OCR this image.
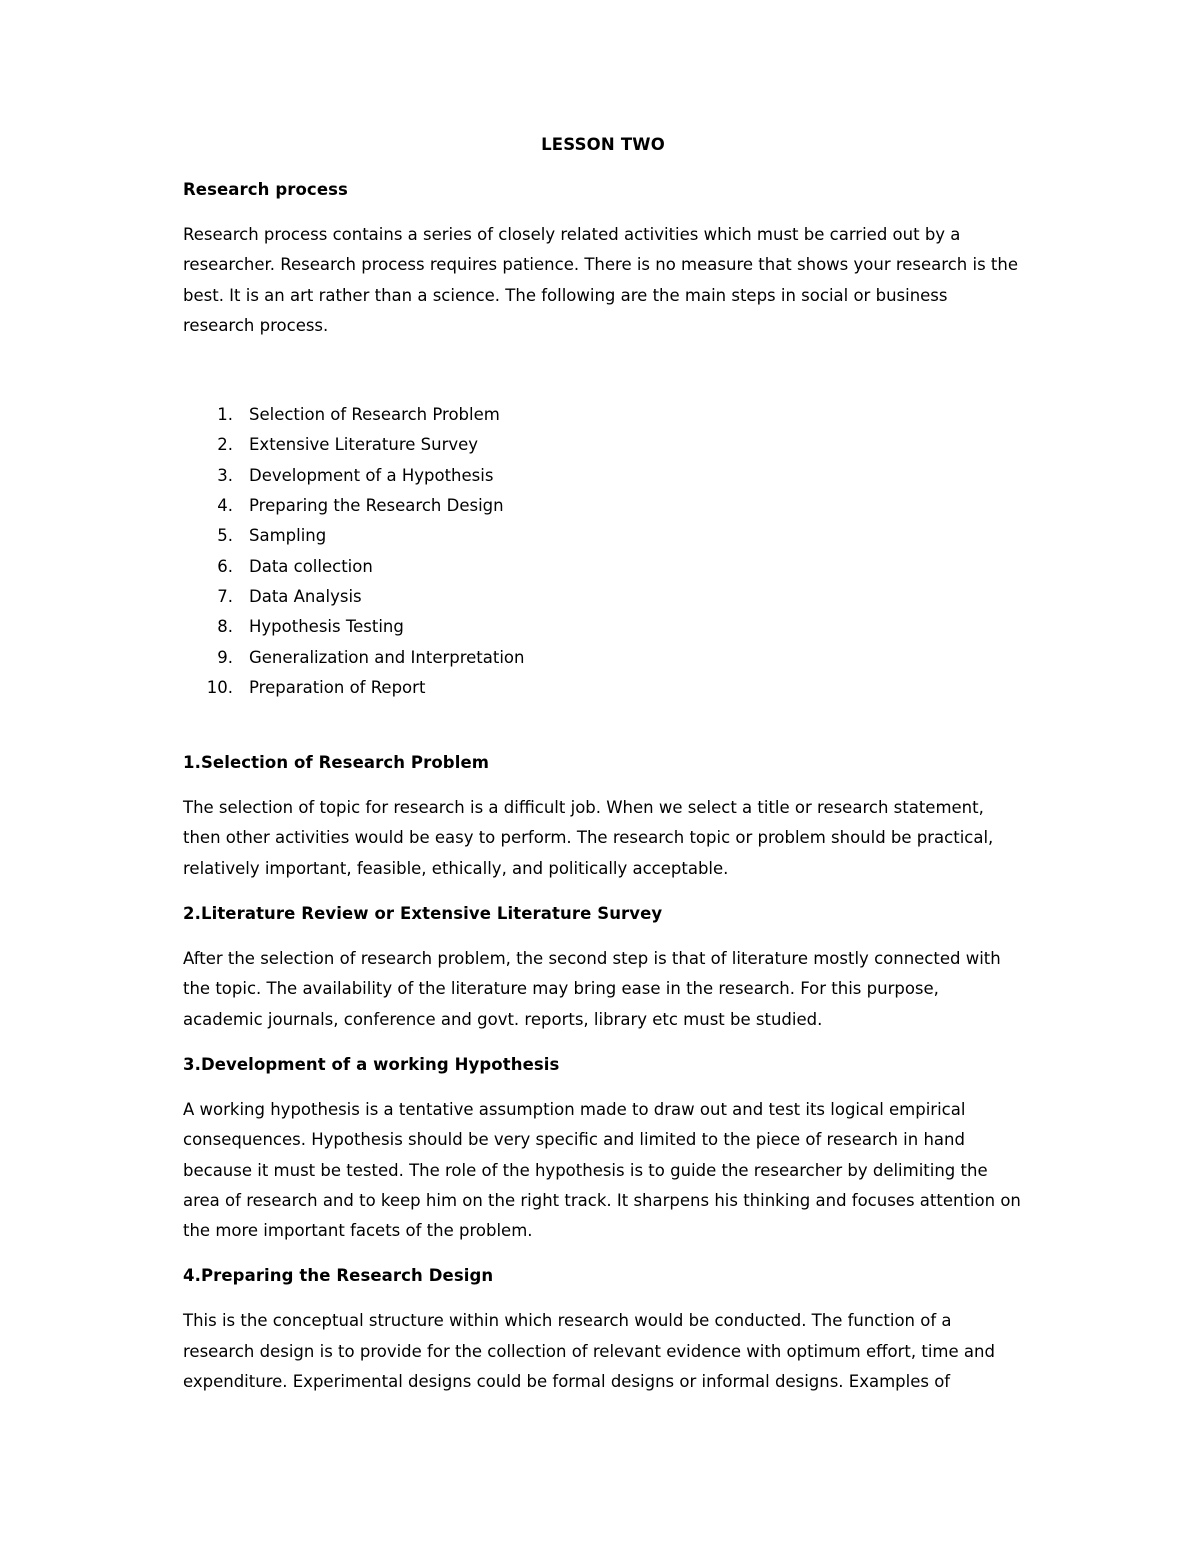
LESSON TWO

Research process

Research process contains a series of closely related activities which must be carried out by a researcher. Research process requires patience. There is no measure that shows your research is the best. It is an art rather than a science. The following are the main steps in social or business research process.

1. Selection of Research Problem
2. Extensive Literature Survey
3. Development of a Hypothesis
4. Preparing the Research Design
5. Sampling
6. Data collection
7. Data Analysis
8. Hypothesis Testing
9. Generalization and Interpretation
10. Preparation of Report

1.Selection of Research Problem

The selection of topic for research is a difficult job. When we select a title or research statement, then other activities would be easy to perform. The research topic or problem should be practical, relatively important, feasible, ethically, and politically acceptable.

2.Literature Review or Extensive Literature Survey

After the selection of research problem, the second step is that of literature mostly connected with the topic. The availability of the literature may bring ease in the research. For this purpose, academic journals, conference and govt. reports, library etc must be studied.

3.Development of a working Hypothesis

A working hypothesis is a tentative assumption made to draw out and test its logical empirical consequences. Hypothesis should be very specific and limited to the piece of research in hand because it must be tested. The role of the hypothesis is to guide the researcher by delimiting the area of research and to keep him on the right track. It sharpens his thinking and focuses attention on the more important facets of the problem.

4.Preparing the Research Design

This is the conceptual structure within which research would be conducted. The function of a research design is to provide for the collection of relevant evidence with optimum effort, time and expenditure. Experimental designs could be formal designs or informal designs. Examples of
